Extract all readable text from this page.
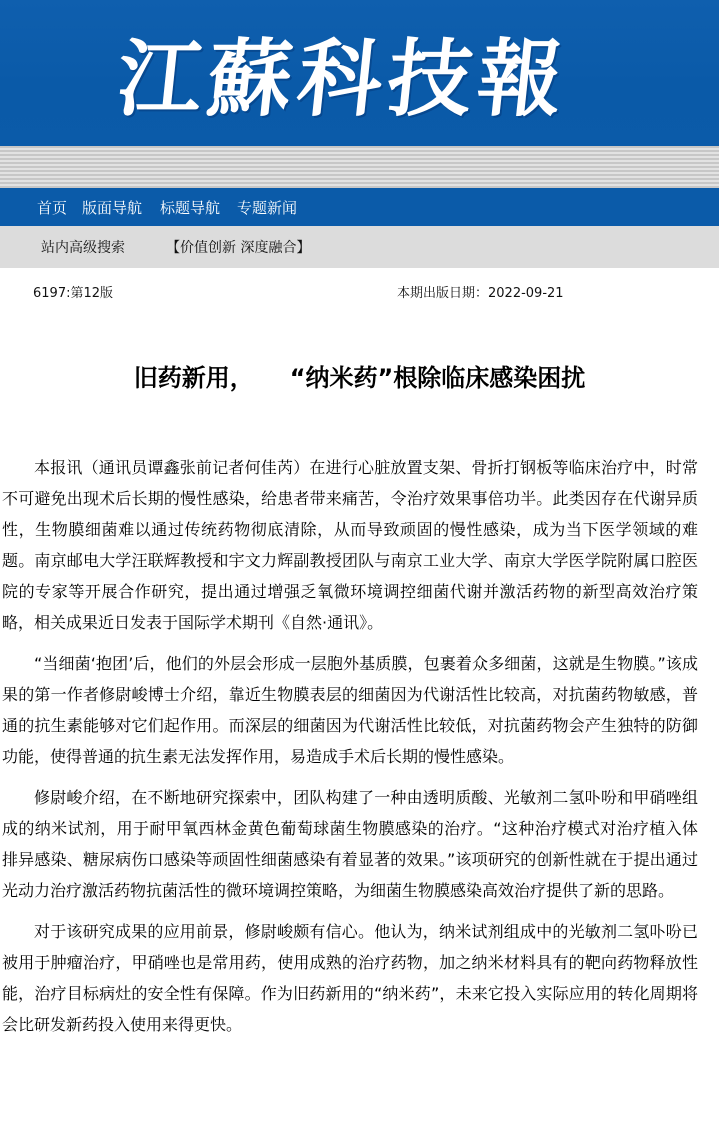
江蘇科技報
首页 版面导航 标题导航 专题新闻
站内高级搜索	【价值创新 深度融合】
6197:第12版	本期出版日期：2022-09-21
旧药新用，　　“纳米药”根除临床感染困扰

本报讯（通讯员谭鑫张前记者何佳芮）在进行心脏放置支架、骨折打钢板等临床治疗中，时常不可避免出现术后长期的慢性感染，给患者带来痛苦，令治疗效果事倍功半。此类因存在代谢异质性，生物膜细菌难以通过传统药物彻底清除，从而导致顽固的慢性感染，成为当下医学领域的难题。南京邮电大学汪联辉教授和宇文力辉副教授团队与南京工业大学、南京大学医学院附属口腔医院的专家等开展合作研究，提出通过增强乏氧微环境调控细菌代谢并激活药物的新型高效治疗策略，相关成果近日发表于国际学术期刊《自然·通讯》。

“当细菌‘抱团’后，他们的外层会形成一层胞外基质膜，包裹着众多细菌，这就是生物膜。”该成果的第一作者修尉峻博士介绍，靠近生物膜表层的细菌因为代谢活性比较高，对抗菌药物敏感，普通的抗生素能够对它们起作用。而深层的细菌因为代谢活性比较低，对抗菌药物会产生独特的防御功能，使得普通的抗生素无法发挥作用，易造成手术后长期的慢性感染。

修尉峻介绍，在不断地研究探索中，团队构建了一种由透明质酸、光敏剂二氢卟吩和甲硝唑组成的纳米试剂，用于耐甲氧西林金黄色葡萄球菌生物膜感染的治疗。“这种治疗模式对治疗植入体排异感染、糖尿病伤口感染等顽固性细菌感染有着显著的效果。”该项研究的创新性就在于提出通过光动力治疗激活药物抗菌活性的微环境调控策略，为细菌生物膜感染高效治疗提供了新的思路。

对于该研究成果的应用前景，修尉峻颇有信心。他认为，纳米试剂组成中的光敏剂二氢卟吩已被用于肿瘤治疗，甲硝唑也是常用药，使用成熟的治疗药物，加之纳米材料具有的靶向药物释放性能，治疗目标病灶的安全性有保障。作为旧药新用的“纳米药”，未来它投入实际应用的转化周期将会比研发新药投入使用来得更快。
